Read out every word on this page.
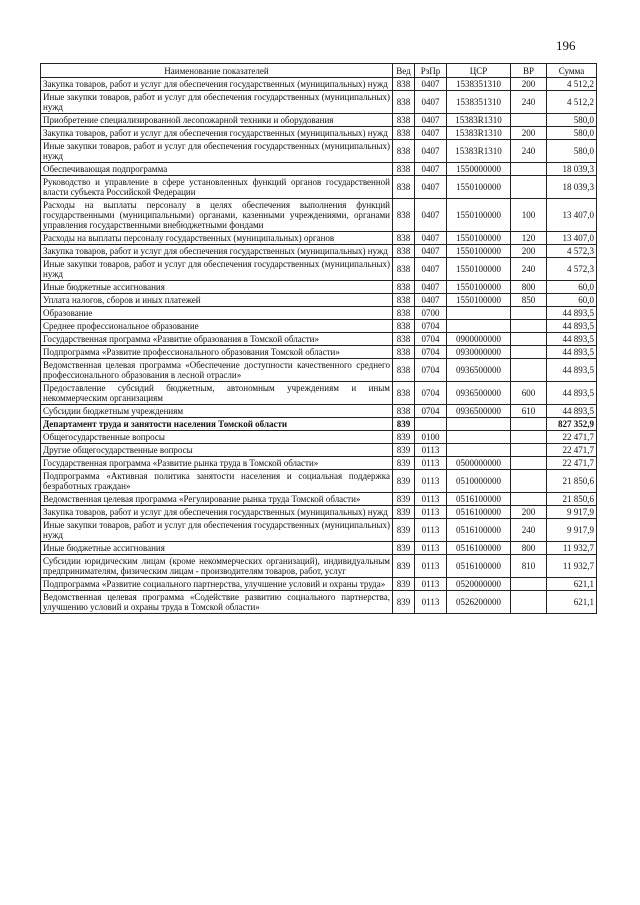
196
Наименование показателей	Вед	РзПр	ЦСР	ВР	Сумма
Закупка товаров, работ и услуг для обеспечения государственных (муниципальных) нужд	838	0407	1538351310	200	4 512,2
Иные закупки товаров, работ и услуг для обеспечения государственных (муниципальных) нужд	838	0407	1538351310	240	4 512,2
Приобретение специализированной лесопожарной техники и оборудования	838	0407	15383R1310		580,0
Закупка товаров, работ и услуг для обеспечения государственных (муниципальных) нужд	838	0407	15383R1310	200	580,0
Иные закупки товаров, работ и услуг для обеспечения государственных (муниципальных) нужд	838	0407	15383R1310	240	580,0
Обеспечивающая подпрограмма	838	0407	1550000000		18 039,3
Руководство и управление в сфере установленных функций органов государственной власти субъекта Российской Федерации	838	0407	1550100000		18 039,3
Расходы на выплаты персоналу в целях обеспечения выполнения функций государственными (муниципальными) органами, казенными учреждениями, органами управления государственными внебюджетными фондами	838	0407	1550100000	100	13 407,0
Расходы на выплаты персоналу государственных (муниципальных) органов	838	0407	1550100000	120	13 407,0
Закупка товаров, работ и услуг для обеспечения государственных (муниципальных) нужд	838	0407	1550100000	200	4 572,3
Иные закупки товаров, работ и услуг для обеспечения государственных (муниципальных) нужд	838	0407	1550100000	240	4 572,3
Иные бюджетные ассигнования	838	0407	1550100000	800	60,0
Уплата налогов, сборов и иных платежей	838	0407	1550100000	850	60,0
Образование	838	0700			44 893,5
Среднее профессиональное образование	838	0704			44 893,5
Государственная программа «Развитие образования в Томской области»	838	0704	0900000000		44 893,5
Подпрограмма «Развитие профессионального образования Томской области»	838	0704	0930000000		44 893,5
Ведомственная целевая программа «Обеспечение доступности качественного среднего профессионального образования в лесной отрасли»	838	0704	0936500000		44 893,5
Предоставление субсидий бюджетным, автономным учреждениям и иным некоммерческим организациям	838	0704	0936500000	600	44 893,5
Субсидии бюджетным учреждениям	838	0704	0936500000	610	44 893,5
Департамент труда и занятости населения Томской области	839				827 352,9
Общегосударственные вопросы	839	0100			22 471,7
Другие общегосударственные вопросы	839	0113			22 471,7
Государственная программа «Развитие рынка труда в Томской области»	839	0113	0500000000		22 471,7
Подпрограмма «Активная политика занятости населения и социальная поддержка безработных граждан»	839	0113	0510000000		21 850,6
Ведомственная целевая программа «Регулирование рынка труда Томской области»	839	0113	0516100000		21 850,6
Закупка товаров, работ и услуг для обеспечения государственных (муниципальных) нужд	839	0113	0516100000	200	9 917,9
Иные закупки товаров, работ и услуг для обеспечения государственных (муниципальных) нужд	839	0113	0516100000	240	9 917,9
Иные бюджетные ассигнования	839	0113	0516100000	800	11 932,7
Субсидии юридическим лицам (кроме некоммерческих организаций), индивидуальным предпринимателям, физическим лицам - производителям товаров, работ, услуг	839	0113	0516100000	810	11 932,7
Подпрограмма «Развитие социального партнерства, улучшение условий и охраны труда»	839	0113	0520000000		621,1
Ведомственная целевая программа «Содействие развитию социального партнерства, улучшению условий и охраны труда в Томской области»	839	0113	0526200000		621,1
